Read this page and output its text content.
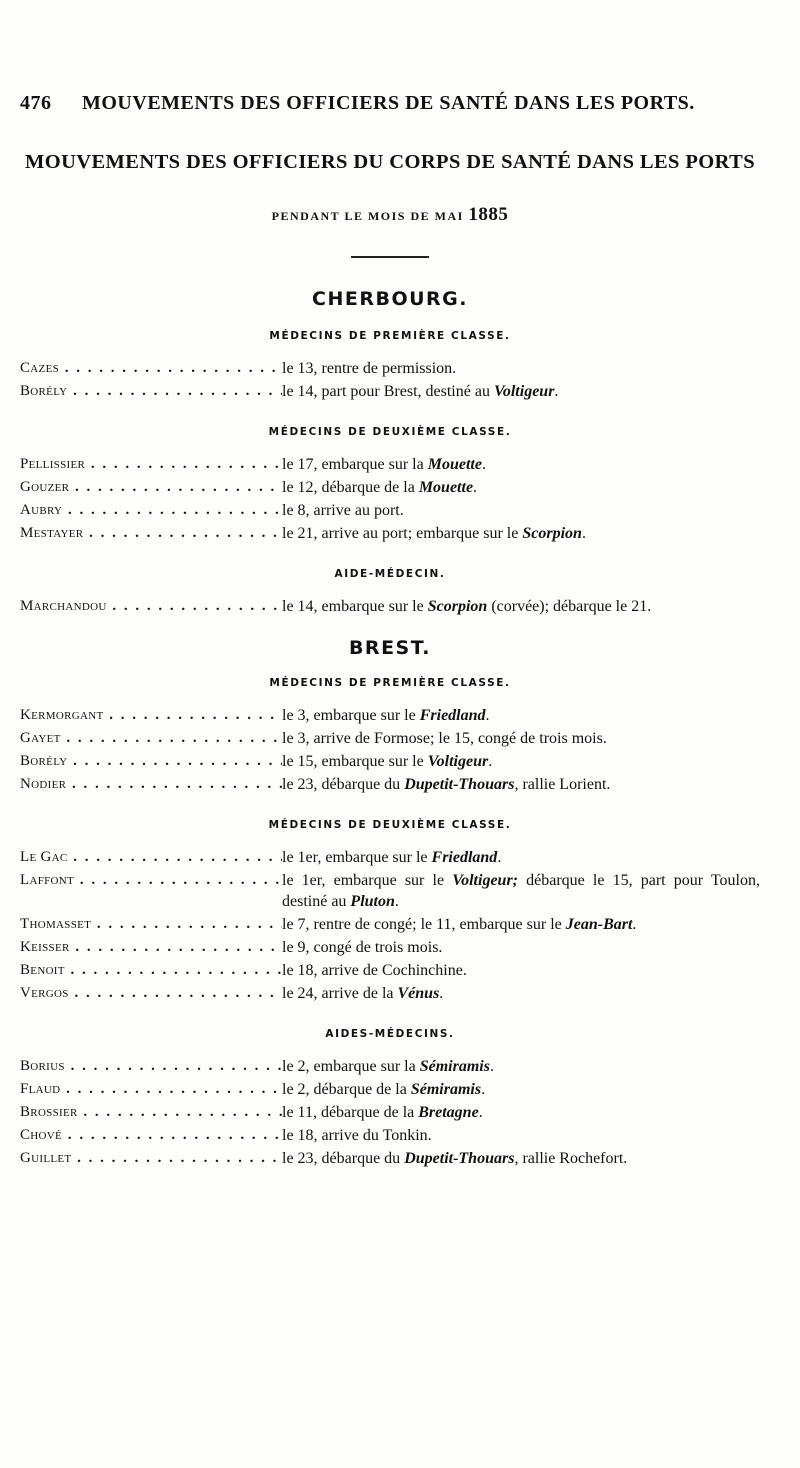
476	MOUVEMENTS DES OFFICIERS DE SANTÉ DANS LES PORTS.
MOUVEMENTS DES OFFICIERS DU CORPS DE SANTÉ DANS LES PORTS
PENDANT LE MOIS DE MAI 1885
CHERBOURG.
MÉDECINS DE PREMIÈRE CLASSE.
Cazes . . .	le 13, rentre de permission.
Borély . . .	le 14, part pour Brest, destiné au Voltigeur.
MÉDECINS DE DEUXIÈME CLASSE.
Pellissier . . .	le 17, embarque sur la Mouette.
Gouzer . . .	le 12, débarque de la Mouette.
Aubry . . .	le 8, arrive au port.
Mestayer . . .	le 21, arrive au port; embarque sur le Scorpion.
AIDE-MÉDECIN.
Marchandou . . .	le 14, embarque sur le Scorpion (corvée); débarque le 21.
BREST.
MÉDECINS DE PREMIÈRE CLASSE.
Kermorgant . . .	le 3, embarque sur le Friedland.
Gayet . . .	le 3, arrive de Formose; le 15, congé de trois mois.
Borély . . .	le 15, embarque sur le Voltigeur.
Nodier . . .	le 23, débarque du Dupetit-Thouars, rallie Lorient.
MÉDECINS DE DEUXIÈME CLASSE.
Le Gac . . .	le 1er, embarque sur le Friedland.
Laffont . . .	le 1er, embarque sur le Voltigeur; débarque le 15, part pour Toulon, destiné au Pluton.
Thomasset . . .	le 7, rentre de congé; le 11, embarque sur le Jean-Bart.
Keisser . . .	le 9, congé de trois mois.
Benoit . . .	le 18, arrive de Cochinchine.
Vergos . . .	le 24, arrive de la Vénus.
AIDES-MÉDECINS.
Borius . . .	le 2, embarque sur la Sémiramis.
Flaud . . .	le 2, débarque de la Sémiramis.
Brossier . . .	le 11, débarque de la Bretagne.
Chové . . .	le 18, arrive du Tonkin.
Guillet . . .	le 23, débarque du Dupetit-Thouars, rallie Rochefort.
